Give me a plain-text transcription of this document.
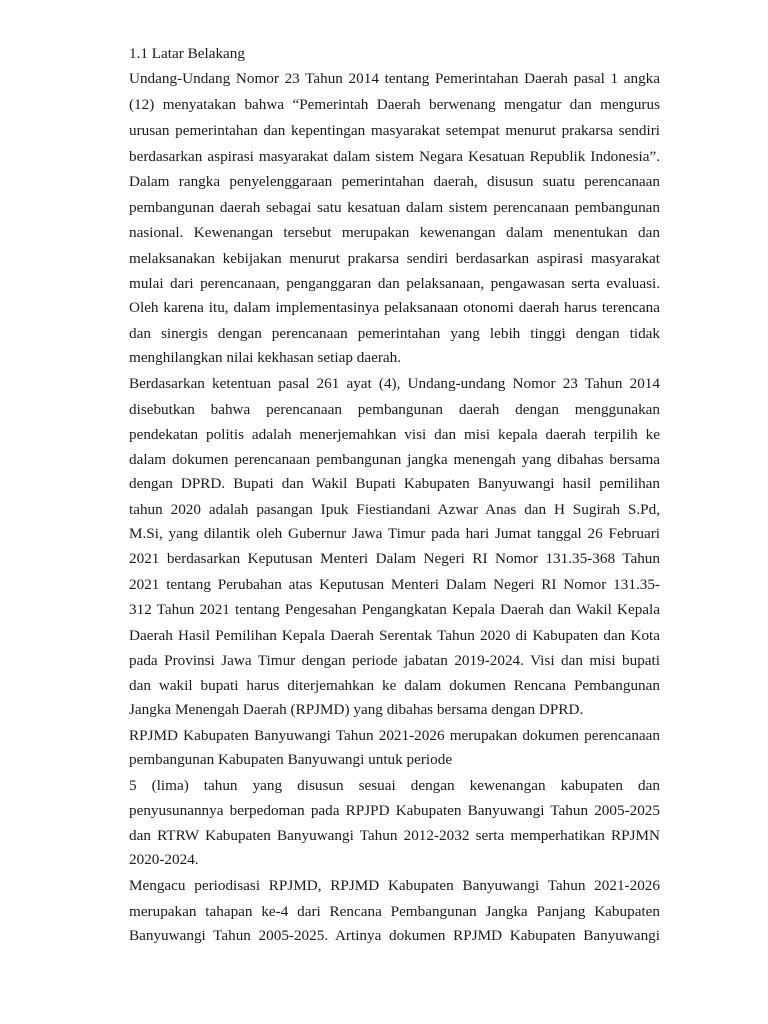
1.1 Latar Belakang
Undang-Undang Nomor 23 Tahun 2014 tentang Pemerintahan Daerah pasal 1 angka
(12) menyatakan bahwa “Pemerintah Daerah berwenang mengatur dan mengurus
urusan pemerintahan dan kepentingan masyarakat setempat menurut prakarsa sendiri
berdasarkan aspirasi masyarakat dalam sistem Negara Kesatuan Republik Indonesia”.
Dalam rangka penyelenggaraan pemerintahan daerah, disusun suatu perencanaan
pembangunan daerah sebagai satu kesatuan dalam sistem perencanaan pembangunan
nasional. Kewenangan tersebut merupakan kewenangan dalam menentukan dan
melaksanakan kebijakan menurut prakarsa sendiri berdasarkan aspirasi masyarakat
mulai dari perencanaan, penganggaran dan pelaksanaan, pengawasan serta evaluasi.
Oleh karena itu, dalam implementasinya pelaksanaan otonomi daerah harus terencana
dan sinergis dengan perencanaan pemerintahan yang lebih tinggi dengan tidak
menghilangkan nilai kekhasan setiap daerah.
Berdasarkan ketentuan pasal 261 ayat (4), Undang-undang Nomor 23 Tahun 2014
disebutkan bahwa perencanaan pembangunan daerah dengan menggunakan
pendekatan politis adalah menerjemahkan visi dan misi kepala daerah terpilih ke
dalam dokumen perencanaan pembangunan jangka menengah yang dibahas bersama
dengan DPRD. Bupati dan Wakil Bupati Kabupaten Banyuwangi hasil pemilihan
tahun 2020 adalah pasangan Ipuk Fiestiandani Azwar Anas dan H Sugirah S.Pd,
M.Si, yang dilantik oleh Gubernur Jawa Timur pada hari Jumat tanggal 26 Februari
2021 berdasarkan Keputusan Menteri Dalam Negeri RI Nomor 131.35-368 Tahun
2021 tentang Perubahan atas Keputusan Menteri Dalam Negeri RI Nomor 131.35-
312 Tahun 2021 tentang Pengesahan Pengangkatan Kepala Daerah dan Wakil Kepala
Daerah Hasil Pemilihan Kepala Daerah Serentak Tahun 2020 di Kabupaten dan Kota
pada Provinsi Jawa Timur dengan periode jabatan 2019-2024. Visi dan misi bupati
dan wakil bupati harus diterjemahkan ke dalam dokumen Rencana Pembangunan
Jangka Menengah Daerah (RPJMD) yang dibahas bersama dengan DPRD.
RPJMD Kabupaten Banyuwangi Tahun 2021-2026 merupakan dokumen perencanaan
pembangunan Kabupaten Banyuwangi untuk periode
5 (lima) tahun yang disusun sesuai dengan kewenangan kabupaten dan
penyusunannya berpedoman pada RPJPD Kabupaten Banyuwangi Tahun 2005-2025
dan RTRW Kabupaten Banyuwangi Tahun 2012-2032 serta memperhatikan RPJMN
2020-2024.
Mengacu periodisasi RPJMD, RPJMD Kabupaten Banyuwangi Tahun 2021-2026
merupakan tahapan ke-4 dari Rencana Pembangunan Jangka Panjang Kabupaten
Banyuwangi Tahun 2005-2025. Artinya dokumen RPJMD Kabupaten Banyuwangi
